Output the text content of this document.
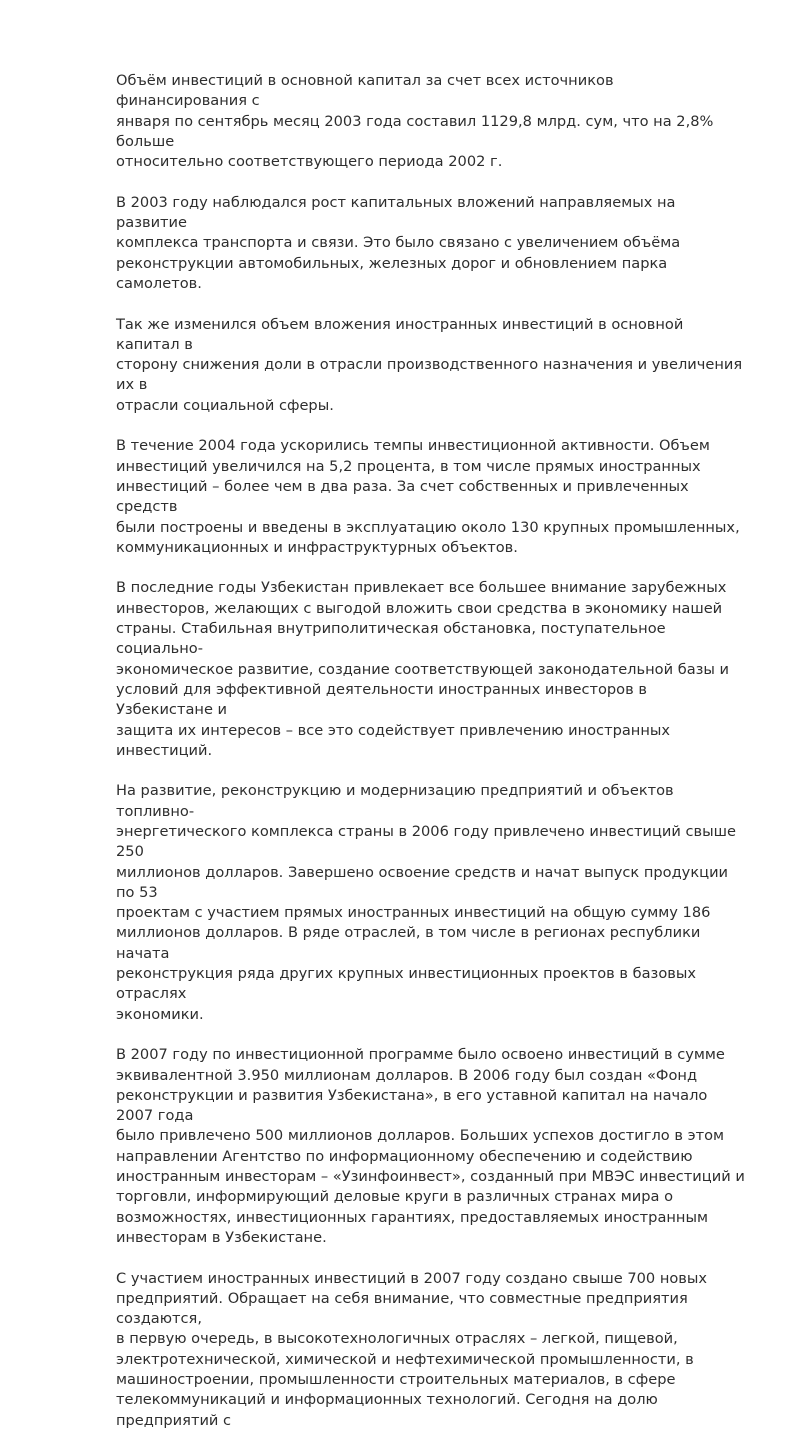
Объём инвестиций в основной капитал за счет всех источников финансирования с
января по сентябрь месяц 2003 года составил 1129,8 млрд. сум, что на 2,8% больше
относительно соответствующего периода 2002 г.

В 2003 году наблюдался рост капитальных вложений направляемых на развитие
комплекса транспорта и связи. Это было связано с увеличением объёма
реконструкции автомобильных, железных дорог и обновлением парка самолетов.

Так же изменился объем вложения иностранных инвестиций в основной капитал в
сторону снижения доли в отрасли производственного назначения и увеличения их в
отрасли социальной сферы.

В течение 2004 года ускорились темпы инвестиционной активности. Объем
инвестиций увеличился на 5,2 процента, в том числе прямых иностранных
инвестиций – более чем в два раза. За счет собственных и привлеченных средств
были построены и введены в эксплуатацию около 130 крупных промышленных,
коммуникационных и инфраструктурных объектов.

В последние годы Узбекистан привлекает все большее внимание зарубежных
инвесторов, желающих с выгодой вложить свои средства в экономику нашей
страны. Стабильная внутриполитическая обстановка, поступательное социально-
экономическое развитие, создание соответствующей законодательной базы и
условий для эффективной деятельности иностранных инвесторов в Узбекистане и
защита их интересов – все это содействует привлечению иностранных инвестиций.

На развитие, реконструкцию и модернизацию предприятий и объектов топливно-
энергетического комплекса страны в 2006 году привлечено инвестиций свыше 250
миллионов долларов. Завершено освоение средств и начат выпуск продукции по 53
проектам с участием прямых иностранных инвестиций на общую сумму 186
миллионов долларов. В ряде отраслей, в том числе в регионах республики начата
реконструкция ряда других крупных инвестиционных проектов в базовых отраслях
экономики.

В 2007 году по инвестиционной программе было освоено инвестиций в сумме
эквивалентной 3.950 миллионам долларов. В 2006 году был создан «Фонд
реконструкции и развития Узбекистана», в его уставной капитал на начало 2007 года
было привлечено 500 миллионов долларов. Больших успехов достигло в этом
направлении Агентство по информационному обеспечению и содействию
иностранным инвесторам – «Узинфоинвест», созданный при МВЭС инвестиций и
торговли, информирующий деловые круги в различных странах мира о
возможностях, инвестиционных гарантиях, предоставляемых иностранным
инвесторам в Узбекистане.

С участием иностранных инвестиций в 2007 году создано свыше 700 новых
предприятий. Обращает на себя внимание, что совместные предприятия создаются,
в первую очередь, в высокотехнологичных отраслях – легкой, пищевой,
электротехнической, химической и нефтехимической промышленности, в
машиностроении, промышленности строительных материалов, в сфере
телекоммуникаций и информационных технологий. Сегодня на долю предприятий с
